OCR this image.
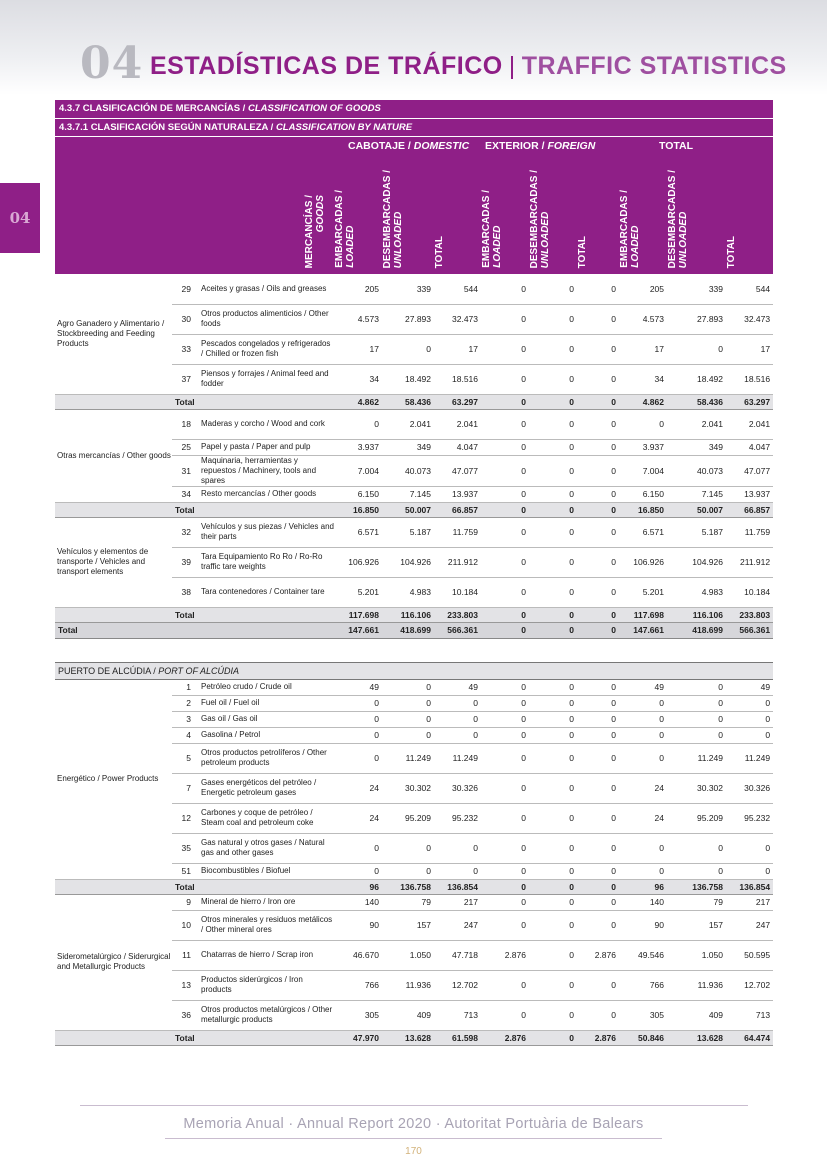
04 ESTADÍSTICAS DE TRÁFICO | TRAFFIC STATISTICS
04
4.3.7 CLASIFICACIÓN DE MERCANCÍAS / CLASSIFICATION OF GOODS											
4.3.7.1 CLASIFICACIÓN SEGÚN NATURALEZA / CLASSIFICATION BY NATURE											
			CABOTAJE / DOMESTIC			EXTERIOR / FOREIGN			TOTAL		
		MERCANCÍAS /
GOODS	EMBARCADAS /
LOADED	DESEMBARCADAS /
UNLOADED	TOTAL	EMBARCADAS /
LOADED	DESEMBARCADAS /
UNLOADED	TOTAL	EMBARCADAS /
LOADED	DESEMBARCADAS /
UNLOADED	TOTAL
Agro Ganadero y Alimentario / Stockbreeding and Feeding Products	29	Aceites y grasas / Oils and greases	205	339	544	0	0	0	205	339	544
	30	Otros productos alimenticios / Other foods	4.573	27.893	32.473	0	0	0	4.573	27.893	32.473
	33	Pescados congelados y refrigerados / Chilled or frozen fish	17	0	17	0	0	0	17	0	17
	37	Piensos y forrajes / Animal feed and fodder	34	18.492	18.516	0	0	0	34	18.492	18.516
	Total		4.862	58.436	63.297	0	0	0	4.862	58.436	63.297
Otras mercancías / Other goods	18	Maderas y corcho / Wood and cork	0	2.041	2.041	0	0	0	0	2.041	2.041
	25	Papel y pasta / Paper and pulp	3.937	349	4.047	0	0	0	3.937	349	4.047
	31	Maquinaria, herramientas y repuestos / Machinery, tools and spares	7.004	40.073	47.077	0	0	0	7.004	40.073	47.077
	34	Resto mercancías / Other goods	6.150	7.145	13.937	0	0	0	6.150	7.145	13.937
	Total		16.850	50.007	66.857	0	0	0	16.850	50.007	66.857
Vehículos y elementos de transporte / Vehicles and transport elements	32	Vehículos y sus piezas / Vehicles and their parts	6.571	5.187	11.759	0	0	0	6.571	5.187	11.759
	39	Tara Equipamiento Ro Ro / Ro-Ro traffic tare weights	106.926	104.926	211.912	0	0	0	106.926	104.926	211.912
	38	Tara contenedores / Container tare	5.201	4.983	10.184	0	0	0	5.201	4.983	10.184
	Total		117.698	116.106	233.803	0	0	0	117.698	116.106	233.803
Total			147.661	418.699	566.361	0	0	0	147.661	418.699	566.361

PUERTO DE ALCÚDIA / PORT OF ALCÚDIA											
Energético / Power Products	1	Petróleo crudo / Crude oil	49	0	49	0	0	0	49	0	49
	2	Fuel oil / Fuel oil	0	0	0	0	0	0	0	0	0
	3	Gas oil / Gas oil	0	0	0	0	0	0	0	0	0
	4	Gasolina / Petrol	0	0	0	0	0	0	0	0	0
	5	Otros productos petrolíferos / Other petroleum products	0	11.249	11.249	0	0	0	0	11.249	11.249
	7	Gases energéticos del petróleo / Energetic petroleum gases	24	30.302	30.326	0	0	0	24	30.302	30.326
	12	Carbones y coque de petróleo / Steam coal and petroleum coke	24	95.209	95.232	0	0	0	24	95.209	95.232
	35	Gas natural y otros gases / Natural gas and other gases	0	0	0	0	0	0	0	0	0
	51	Biocombustibles / Biofuel	0	0	0	0	0	0	0	0	0
	Total		96	136.758	136.854	0	0	0	96	136.758	136.854
Siderometalúrgico / Siderurgical and Metallurgic Products	9	Mineral de hierro / Iron ore	140	79	217	0	0	0	140	79	217
	10	Otros minerales y residuos metálicos / Other mineral ores	90	157	247	0	0	0	90	157	247
	11	Chatarras de hierro / Scrap iron	46.670	1.050	47.718	2.876	0	2.876	49.546	1.050	50.595
	13	Productos siderúrgicos / Iron products	766	11.936	12.702	0	0	0	766	11.936	12.702
	36	Otros productos metalúrgicos / Other metallurgic products	305	409	713	0	0	0	305	409	713
	Total		47.970	13.628	61.598	2.876	0	2.876	50.846	13.628	64.474
Memoria Anual · Annual Report 2020 · Autoritat Portuària de Balears
170
